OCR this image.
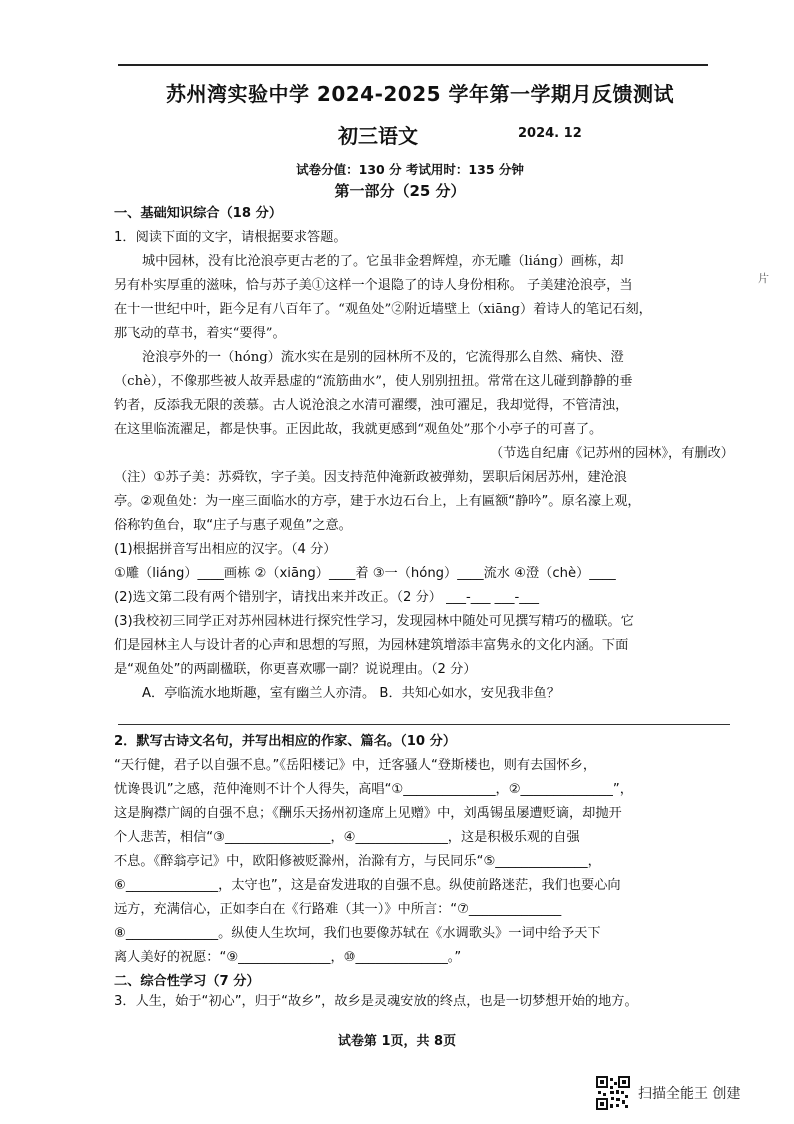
苏州湾实验中学 2024-2025 学年第一学期月反馈测试
初三语文	2024. 12
试卷分值：130 分 考试用时：135 分钟
第一部分（25 分）
一、基础知识综合（18 分）
1．阅读下面的文字，请根据要求答题。
城中园林，没有比沧浪亭更古老的了。它虽非金碧辉煌，亦无雕（liáng）画栋，却
另有朴实厚重的滋味，恰与苏子美①这样一个退隐了的诗人身份相称。 子美建沧浪亭，当
在十一世纪中叶，距今足有八百年了。“观鱼处”②附近墙壁上（xiāng）着诗人的笔记石刻，
那飞动的草书，着实“要得”。
沧浪亭外的一（hóng）流水实在是别的园林所不及的，它流得那么自然、痛快、澄
（chè），不像那些被人故弄悬虚的“流筋曲水”，使人别别扭扭。常常在这儿碰到静静的垂
钓者，反添我无限的羡慕。古人说沧浪之水清可濯缨，浊可濯足，我却觉得，不管清浊，
在这里临流濯足，都是快事。正因此故，我就更感到“观鱼处”那个小亭子的可喜了。
（节选自纪庸《记苏州的园林》，有删改）
（注）①苏子美：苏舜钦，字子美。因支持范仲淹新政被弹劾，罢职后闲居苏州，建沧浪
亭。②观鱼处：为一座三面临水的方亭，建于水边石台上，上有匾额“静吟”。原名濠上观，
俗称钓鱼台，取“庄子与惠子观鱼”之意。
(1)根据拼音写出相应的汉字。（4 分）
①雕（liáng）____画栋 ②（xiāng）____着 ③一（hóng）____流水 ④澄（chè）____
(2)选文第二段有两个错别字，请找出来并改正。（2 分） ___-___ ___-___
(3)我校初三同学正对苏州园林进行探究性学习，发现园林中随处可见撰写精巧的楹联。它
们是园林主人与设计者的心声和思想的写照，为园林建筑增添丰富隽永的文化内涵。下面
是“观鱼处”的两副楹联，你更喜欢哪一副？说说理由。（2 分）
A．亭临流水地斯趣，室有幽兰人亦清。 B．共知心如水，安见我非鱼？
2．默写古诗文名句，并写出相应的作家、篇名。（10 分）
“天行健，君子以自强不息。”《岳阳楼记》中，迁客骚人“登斯楼也，则有去国怀乡，
忧谗畏讥”之感，范仲淹则不计个人得失，高唱“①______________，②______________”，
这是胸襟广阔的自强不息；《酬乐天扬州初逢席上见赠》中，刘禹锡虽屡遭贬谪，却抛开
个人悲苦，相信“③________________，④______________，这是积极乐观的自强
不息。《醉翁亭记》中，欧阳修被贬滁州，治滁有方，与民同乐“⑤______________，
⑥______________，太守也”，这是奋发进取的自强不息。纵使前路迷茫，我们也要心向
远方，充满信心，正如李白在《行路难（其一）》中所言：“⑦______________
⑧______________。纵使人生坎坷，我们也要像苏轼在《水调歌头》一词中给予天下
离人美好的祝愿：“⑨______________，⑩______________。”
二、综合性学习（7 分）
3．人生，始于“初心”，归于“故乡”，故乡是灵魂安放的终点，也是一切梦想开始的地方。
试卷第 1页，共 8页
片
扫描全能王 创建
